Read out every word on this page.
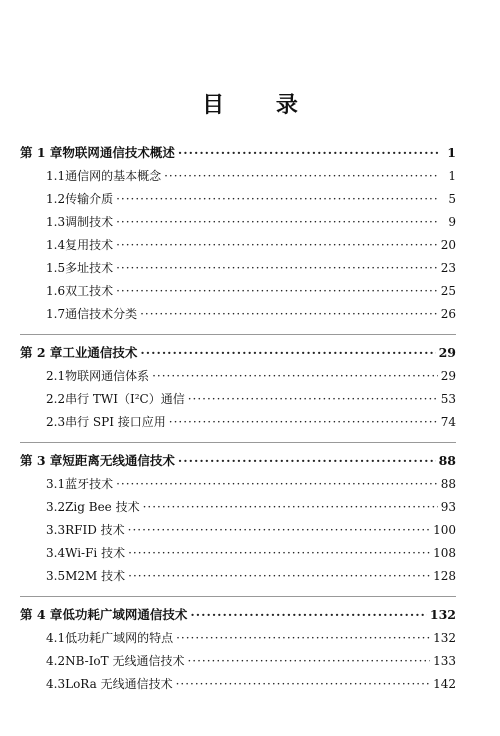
目 录
第 1 章 物联网通信技术概述 ·····	1
1.1 通信网的基本概念 ·····	1
1.2 传输介质 ·····	5
1.3 调制技术 ·····	9
1.4 复用技术 ·····	20
1.5 多址技术 ·····	23
1.6 双工技术 ·····	25
1.7 通信技术分类 ·····	26
第 2 章 工业通信技术 ·····	29
2.1 物联网通信体系 ·····	29
2.2 串行 TWI（I²C）通信 ·····	53
2.3 串行 SPI 接口应用 ·····	74
第 3 章 短距离无线通信技术 ·····	88
3.1 蓝牙技术 ·····	88
3.2 Zig Bee 技术 ·····	93
3.3 RFID 技术 ·····	100
3.4 Wi-Fi 技术 ·····	108
3.5 M2M 技术 ·····	128
第 4 章 低功耗广域网通信技术 ·····	132
4.1 低功耗广域网的特点 ·····	132
4.2 NB-IoT 无线通信技术 ·····	133
4.3 LoRa 无线通信技术 ·····	142
